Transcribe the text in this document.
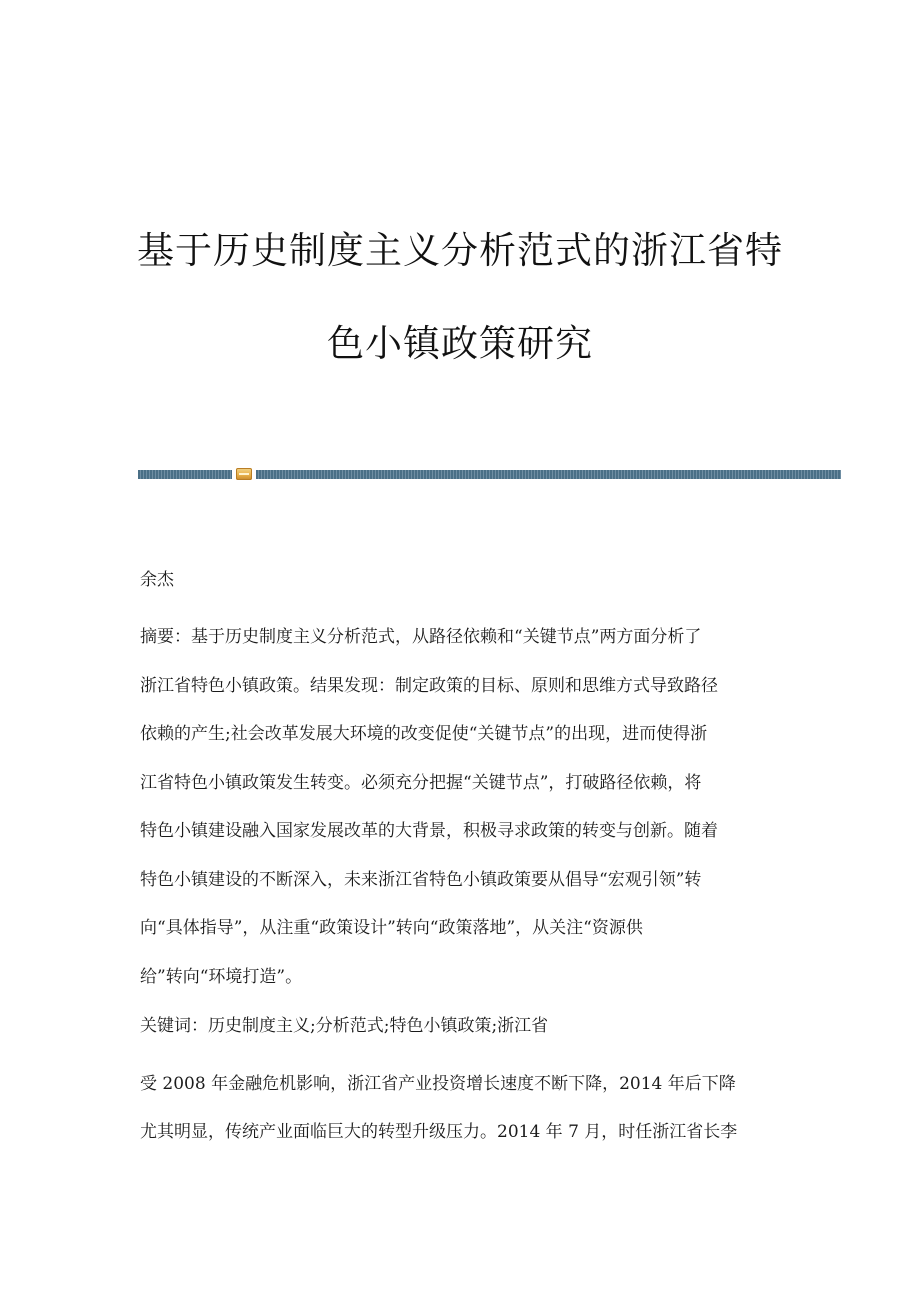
基于历史制度主义分析范式的浙江省特
色小镇政策研究
余杰

摘要：基于历史制度主义分析范式，从路径依赖和“关键节点”两方面分析了

浙江省特色小镇政策。结果发现：制定政策的目标、原则和思维方式导致路径

依赖的产生;社会改革发展大环境的改变促使“关键节点”的出现，进而使得浙

江省特色小镇政策发生转变。必须充分把握“关键节点”，打破路径依赖，将

特色小镇建设融入国家发展改革的大背景，积极寻求政策的转变与创新。随着

特色小镇建设的不断深入，未来浙江省特色小镇政策要从倡导“宏观引领”转

向“具体指导”，从注重“政策设计”转向“政策落地”，从关注“资源供

给”转向“环境打造”。

关键词：历史制度主义;分析范式;特色小镇政策;浙江省

受 2008 年金融危机影响，浙江省产业投资增长速度不断下降，2014 年后下降

尤其明显，传统产业面临巨大的转型升级压力。2014 年 7 月，时任浙江省长李
